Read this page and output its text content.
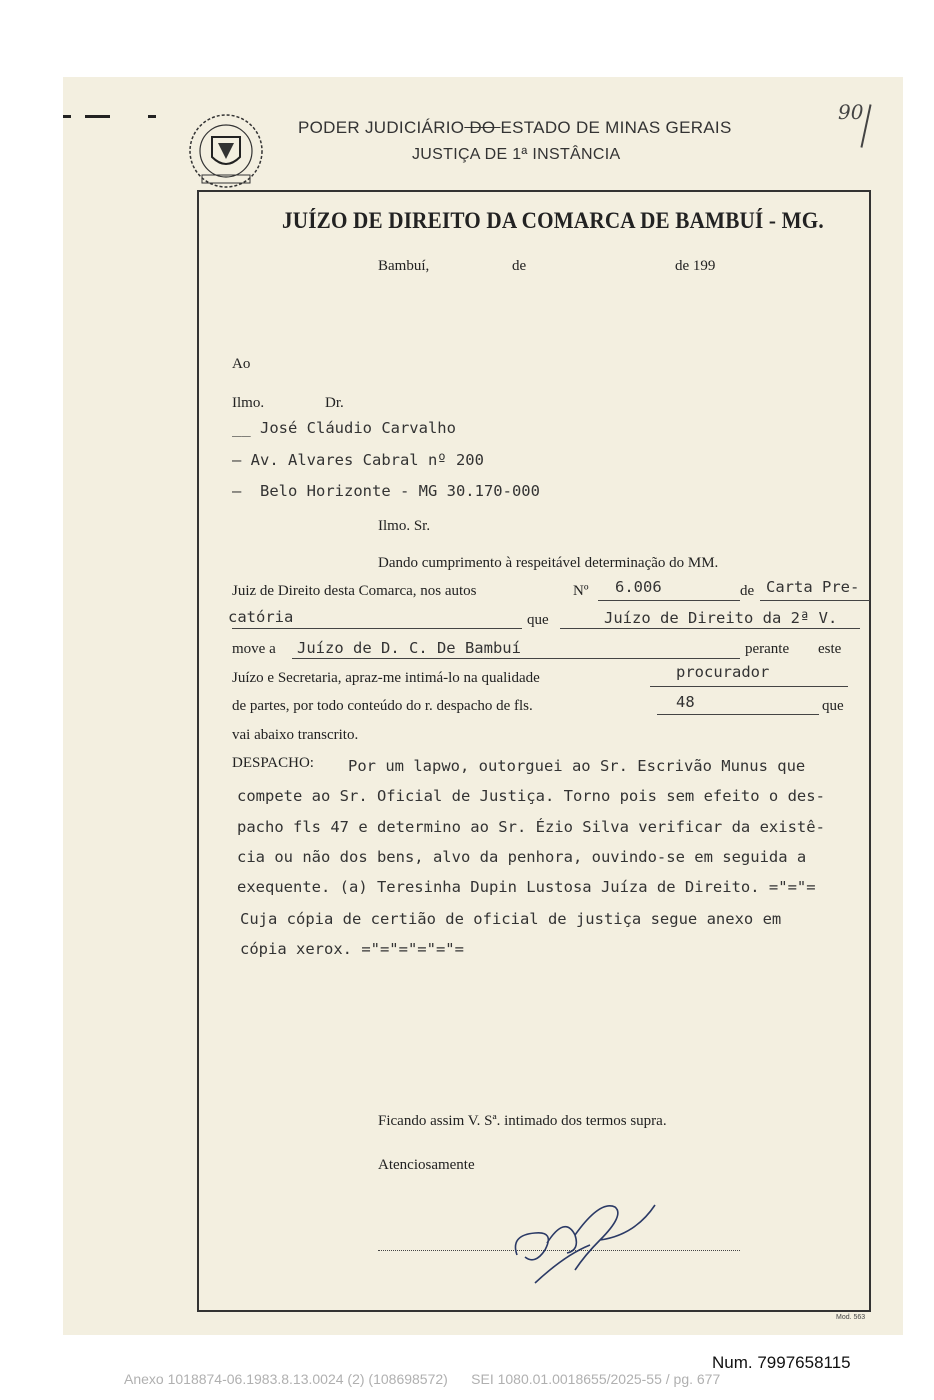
PODER JUDICIÁRIO DO ESTADO DE MINAS GERAIS
JUSTIÇA DE 1ª INSTÂNCIA
90
JUÍZO DE DIREITO DA COMARCA DE BAMBUÍ - MG.
Bambuí,	de	de 199
Ao
Ilmo.	Dr.
__ José Cláudio Carvalho
— Av. Alvares Cabral nº 200
—  Belo Horizonte - MG 30.170-000
Ilmo. Sr.
Dando cumprimento à respeitável determinação do MM.
Juiz de Direito desta Comarca, nos autos	Nº 6.006	de Carta Pre-
catória	que	Juízo de Direito da 2ª V.
move a Juízo de D. C. De Bambuí	perante este
Juízo e Secretaria, apraz-me intimá-lo na qualidade	procurador
de partes, por todo conteúdo do r. despacho de fls.	48	que
vai abaixo transcrito.
DESPACHO: Por um lapwo, outorguei ao Sr. Escrivão Munus que
compete ao Sr. Oficial de Justiça. Torno pois sem efeito o des-
pacho fls 47 e determino ao Sr. Ézio Silva verificar da existê-
cia ou não dos bens, alvo da penhora, ouvindo-se em seguida a
exequente. (a) Teresinha Dupin Lustosa Juíza de Direito. ="="=
Cuja cópia de certião de oficial de justiça segue anexo em
cópia xerox. ="="="="="=
Ficando assim V. Sª. intimado dos termos supra.
Atenciosamente
Mod. 563
Num. 7997658115
Anexo 1018874-06.1983.8.13.0024 (2) (108698572)      SEI 1080.01.0018655/2025-55 / pg. 677
